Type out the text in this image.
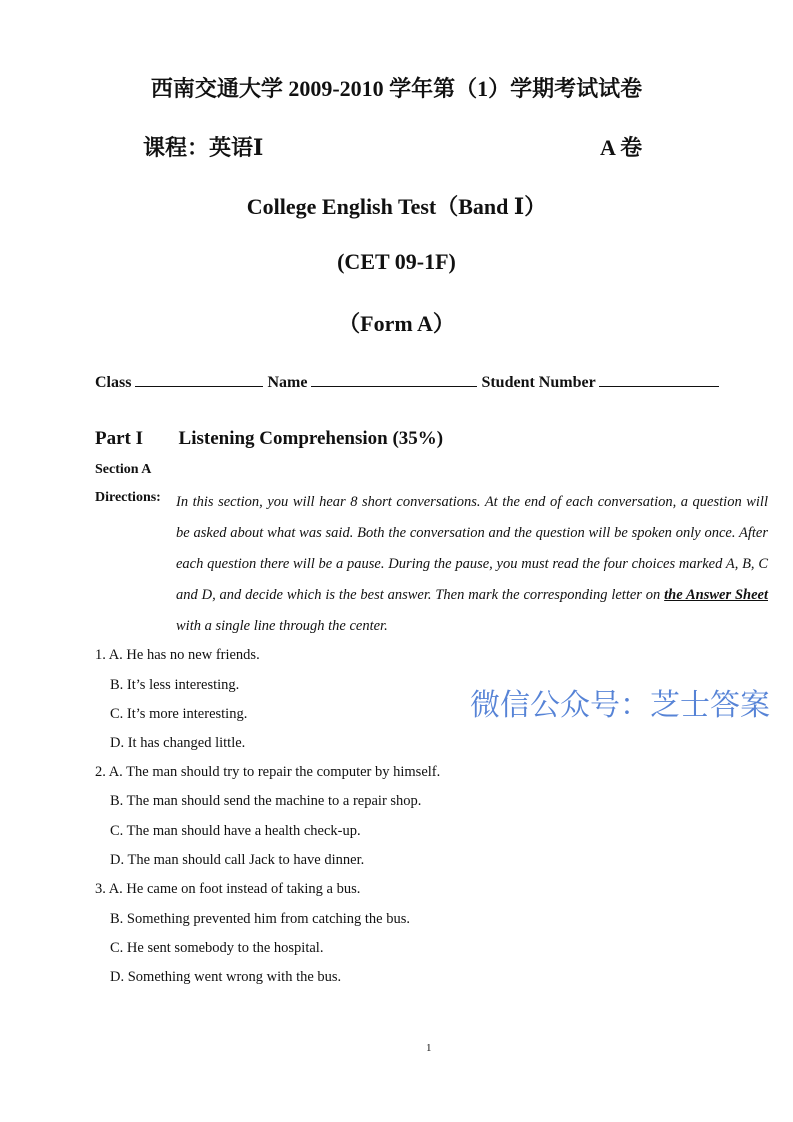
西南交通大学 2009-2010 学年第（1）学期考试试卷
课程：英语Ⅰ	A 卷
College English Test（Band Ⅰ）
(CET 09-1F)
（Form A）
Class	Name	Student Number
Part I Listening Comprehension (35%)
Section A
Directions: In this section, you will hear 8 short conversations. At the end of each conversation, a question will be asked about what was said. Both the conversation and the question will be spoken only once. After each question there will be a pause. During the pause, you must read the four choices marked A, B, C and D, and decide which is the best answer. Then mark the corresponding letter on the Answer Sheet with a single line through the center.
1. A. He has no new friends.
B. It’s less interesting.
C. It’s more interesting.
D. It has changed little.
2. A. The man should try to repair the computer by himself.
B. The man should send the machine to a repair shop.
C. The man should have a health check-up.
D. The man should call Jack to have dinner.
3. A. He came on foot instead of taking a bus.
B. Something prevented him from catching the bus.
C. He sent somebody to the hospital.
D. Something went wrong with the bus.
1
微信公众号：芝士答案
